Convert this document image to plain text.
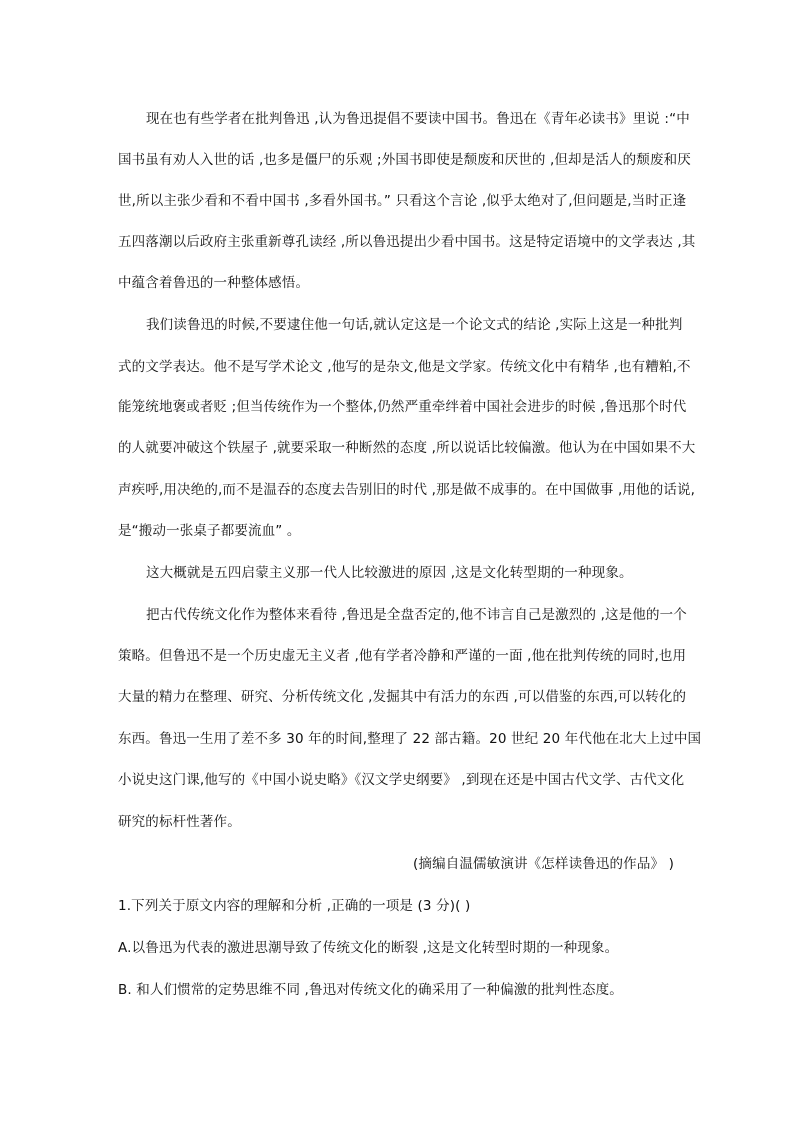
现在也有些学者在批判鲁迅 ,认为鲁迅提倡不要读中国书。鲁迅在《青年必读书》里说 :“中
国书虽有劝人入世的话 ,也多是僵尸的乐观 ;外国书即使是颓废和厌世的 ,但却是活人的颓废和厌
世,所以主张少看和不看中国书 ,多看外国书。” 只看这个言论 ,似乎太绝对了,但问题是,当时正逢
五四落潮以后政府主张重新尊孔读经 ,所以鲁迅提出少看中国书。这是特定语境中的文学表达 ,其
中蕴含着鲁迅的一种整体感悟。
我们读鲁迅的时候,不要逮住他一句话,就认定这是一个论文式的结论 ,实际上这是一种批判
式的文学表达。他不是写学术论文 ,他写的是杂文,他是文学家。传统文化中有精华 ,也有糟粕,不
能笼统地褒或者贬 ;但当传统作为一个整体,仍然严重牵绊着中国社会进步的时候 ,鲁迅那个时代
的人就要冲破这个铁屋子 ,就要采取一种断然的态度 ,所以说话比较偏激。他认为在中国如果不大
声疾呼,用决绝的,而不是温吞的态度去告别旧的时代 ,那是做不成事的。在中国做事 ,用他的话说,
是“搬动一张桌子都要流血” 。
这大概就是五四启蒙主义那一代人比较激进的原因 ,这是文化转型期的一种现象。
把古代传统文化作为整体来看待 ,鲁迅是全盘否定的,他不讳言自己是激烈的 ,这是他的一个
策略。但鲁迅不是一个历史虚无主义者 ,他有学者冷静和严谨的一面 ,他在批判传统的同时,也用
大量的精力在整理、研究、分析传统文化 ,发掘其中有活力的东西 ,可以借鉴的东西,可以转化的
东西。鲁迅一生用了差不多 30 年的时间,整理了 22 部古籍。20 世纪 20 年代他在北大上过中国
小说史这门课,他写的《中国小说史略》《汉文学史纲要》 ,到现在还是中国古代文学、古代文化
研究的标杆性著作。
(摘编自温儒敏演讲《怎样读鲁迅的作品》 )
1.下列关于原文内容的理解和分析 ,正确的一项是 (3 分)( )
A.以鲁迅为代表的激进思潮导致了传统文化的断裂 ,这是文化转型时期的一种现象。
B. 和人们惯常的定势思维不同 ,鲁迅对传统文化的确采用了一种偏激的批判性态度。
